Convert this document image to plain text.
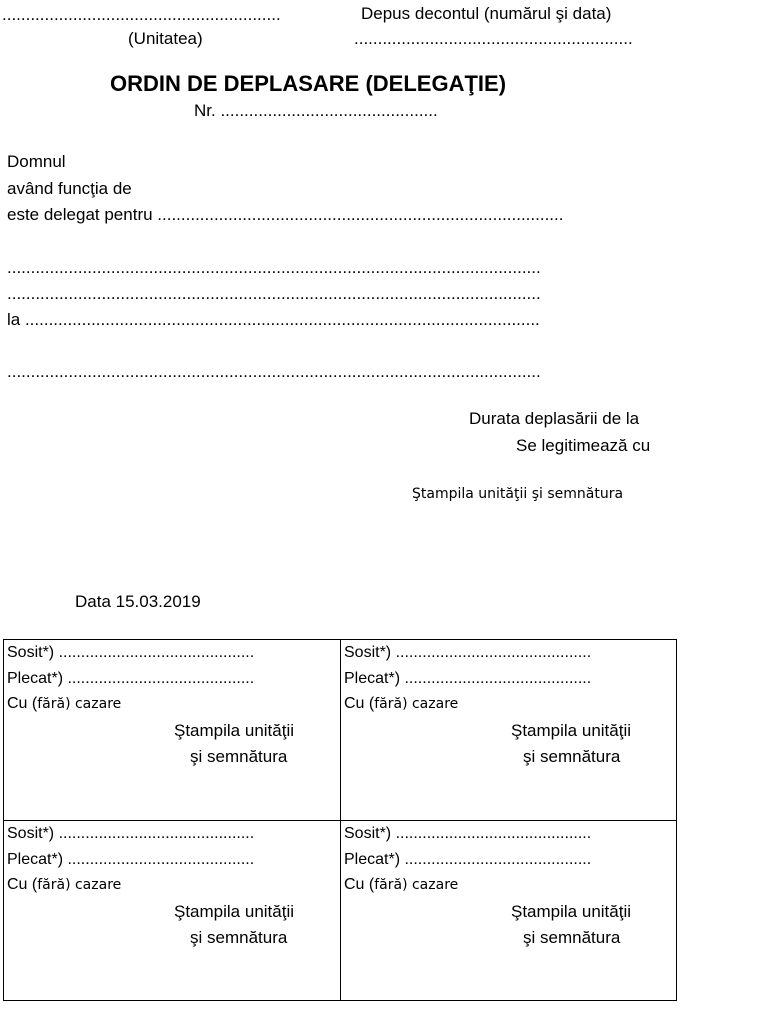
...........................................................
(Unitatea)
Depus decontul (numărul şi data)
...........................................................
ORDIN DE DEPLASARE (DELEGAŢIE)
Nr. ..............................................
Domnul
având funcţia de
este delegat pentru ......................................................................................
.................................................................................................................
.................................................................................................................
la .............................................................................................................
.................................................................................................................
Durata deplasării de la
Se legitimează cu
Ştampila unităţii şi semnătura
Data 15.03.2019
Sosit*) ............................................
Plecat*) ..........................................
Cu (fără) cazare
Ştampila unităţii
şi semnătura
Sosit*) ............................................
Plecat*) ..........................................
Cu (fără) cazare
Ştampila unităţii
şi semnătura
Sosit*) ............................................
Plecat*) ..........................................
Cu (fără) cazare
Ştampila unităţii
şi semnătura
Sosit*) ............................................
Plecat*) ..........................................
Cu (fără) cazare
Ştampila unităţii
şi semnătura
